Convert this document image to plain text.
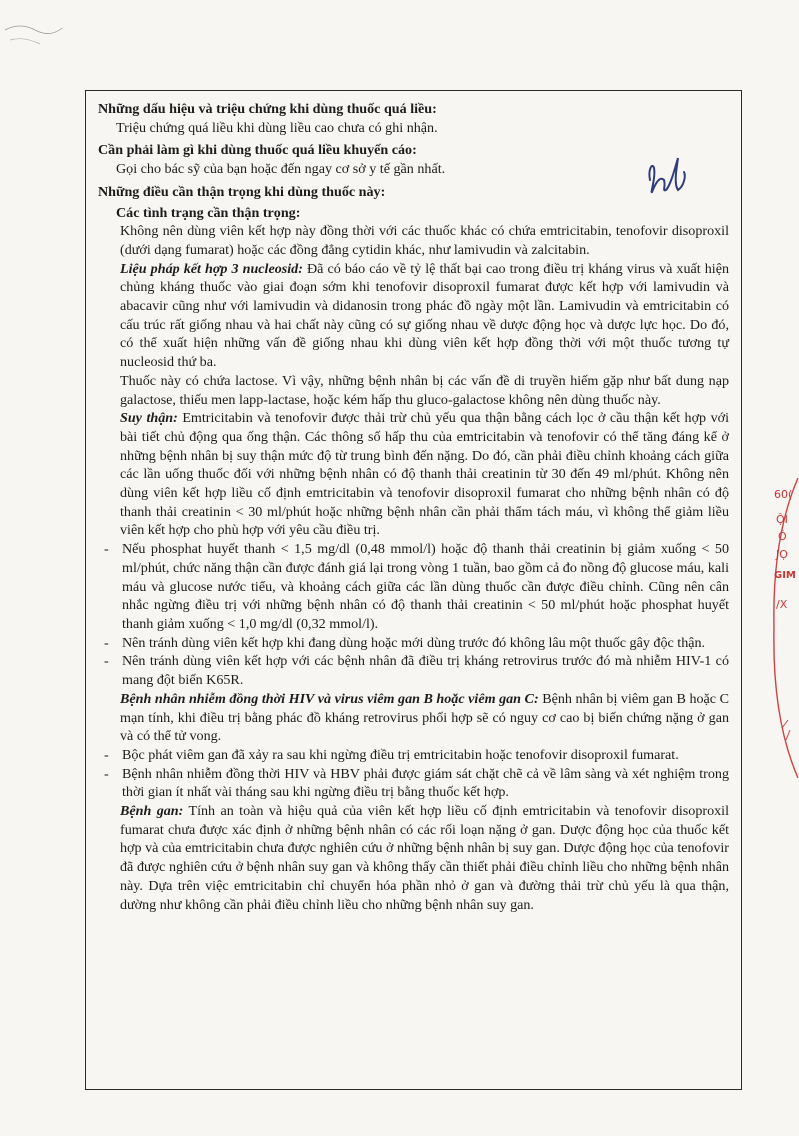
60(
ỘI
Ô
JỌ
GIM
/X

Những dấu hiệu và triệu chứng khi dùng thuốc quá liều:

Triệu chứng quá liều khi dùng liều cao chưa có ghi nhận.

Cần phải làm gì khi dùng thuốc quá liều khuyến cáo:

Gọi cho bác sỹ của bạn hoặc đến ngay cơ sở y tế gần nhất.

Những điều cần thận trọng khi dùng thuốc này:

Các tình trạng cần thận trọng:

Không nên dùng viên kết hợp này đồng thời với các thuốc khác có chứa emtricitabin, tenofovir disoproxil (dưới dạng fumarat) hoặc các đồng đẳng cytidin khác, như lamivudin và zalcitabin.

Liệu pháp kết hợp 3 nucleosid: Đã có báo cáo về tỷ lệ thất bại cao trong điều trị kháng virus và xuất hiện chủng kháng thuốc vào giai đoạn sớm khi tenofovir disoproxil fumarat được kết hợp với lamivudin và abacavir cũng như với lamivudin và didanosin trong phác đồ ngày một lần. Lamivudin và emtricitabin có cấu trúc rất giống nhau và hai chất này cũng có sự giống nhau về dược động học và dược lực học. Do đó, có thể xuất hiện những vấn đề giống nhau khi dùng viên kết hợp đồng thời với một thuốc tương tự nucleosid thứ ba.

Thuốc này có chứa lactose. Vì vậy, những bệnh nhân bị các vấn đề di truyền hiếm gặp như bất dung nạp galactose, thiếu men lapp-lactase, hoặc kém hấp thu gluco-galactose không nên dùng thuốc này.

Suy thận: Emtricitabin và tenofovir được thải trừ chủ yếu qua thận bằng cách lọc ở cầu thận kết hợp với bài tiết chủ động qua ống thận. Các thông số hấp thu của emtricitabin và tenofovir có thể tăng đáng kể ở những bệnh nhân bị suy thận mức độ từ trung bình đến nặng. Do đó, cần phải điều chỉnh khoảng cách giữa các lần uống thuốc đối với những bệnh nhân có độ thanh thải creatinin từ 30 đến 49 ml/phút. Không nên dùng viên kết hợp liều cố định emtricitabin và tenofovir disoproxil fumarat cho những bệnh nhân có độ thanh thải creatinin < 30 ml/phút hoặc những bệnh nhân cần phải thẩm tách máu, vì không thể giảm liều viên kết hợp cho phù hợp với yêu cầu điều trị.

- Nếu phosphat huyết thanh < 1,5 mg/dl (0,48 mmol/l) hoặc độ thanh thải creatinin bị giảm xuống < 50 ml/phút, chức năng thận cần được đánh giá lại trong vòng 1 tuần, bao gồm cả đo nồng độ glucose máu, kali máu và glucose nước tiểu, và khoảng cách giữa các lần dùng thuốc cần được điều chỉnh. Cũng nên cân nhắc ngừng điều trị với những bệnh nhân có độ thanh thải creatinin < 50 ml/phút hoặc phosphat huyết thanh giảm xuống < 1,0 mg/dl (0,32 mmol/l).
- Nên tránh dùng viên kết hợp khi đang dùng hoặc mới dùng trước đó không lâu một thuốc gây độc thận.
- Nên tránh dùng viên kết hợp với các bệnh nhân đã điều trị kháng retrovirus trước đó mà nhiễm HIV-1 có mang đột biến K65R.

Bệnh nhân nhiễm đồng thời HIV và virus viêm gan B hoặc viêm gan C: Bệnh nhân bị viêm gan B hoặc C mạn tính, khi điều trị bằng phác đồ kháng retrovirus phối hợp sẽ có nguy cơ cao bị biến chứng nặng ở gan và có thể tử vong.

- Bộc phát viêm gan đã xảy ra sau khi ngừng điều trị emtricitabin hoặc tenofovir disoproxil fumarat.
- Bệnh nhân nhiễm đồng thời HIV và HBV phải được giám sát chặt chẽ cả về lâm sàng và xét nghiệm trong thời gian ít nhất vài tháng sau khi ngừng điều trị bằng thuốc kết hợp.

Bệnh gan: Tính an toàn và hiệu quả của viên kết hợp liều cố định emtricitabin và tenofovir disoproxil fumarat chưa được xác định ở những bệnh nhân có các rối loạn nặng ở gan. Dược động học của thuốc kết hợp và của emtricitabin chưa được nghiên cứu ở những bệnh nhân bị suy gan. Dược động học của tenofovir đã được nghiên cứu ở bệnh nhân suy gan và không thấy cần thiết phải điều chỉnh liều cho những bệnh nhân này. Dựa trên việc emtricitabin chỉ chuyển hóa phần nhỏ ở gan và đường thải trừ chủ yếu là qua thận, dường như không cần phải điều chỉnh liều cho những bệnh nhân suy gan.
